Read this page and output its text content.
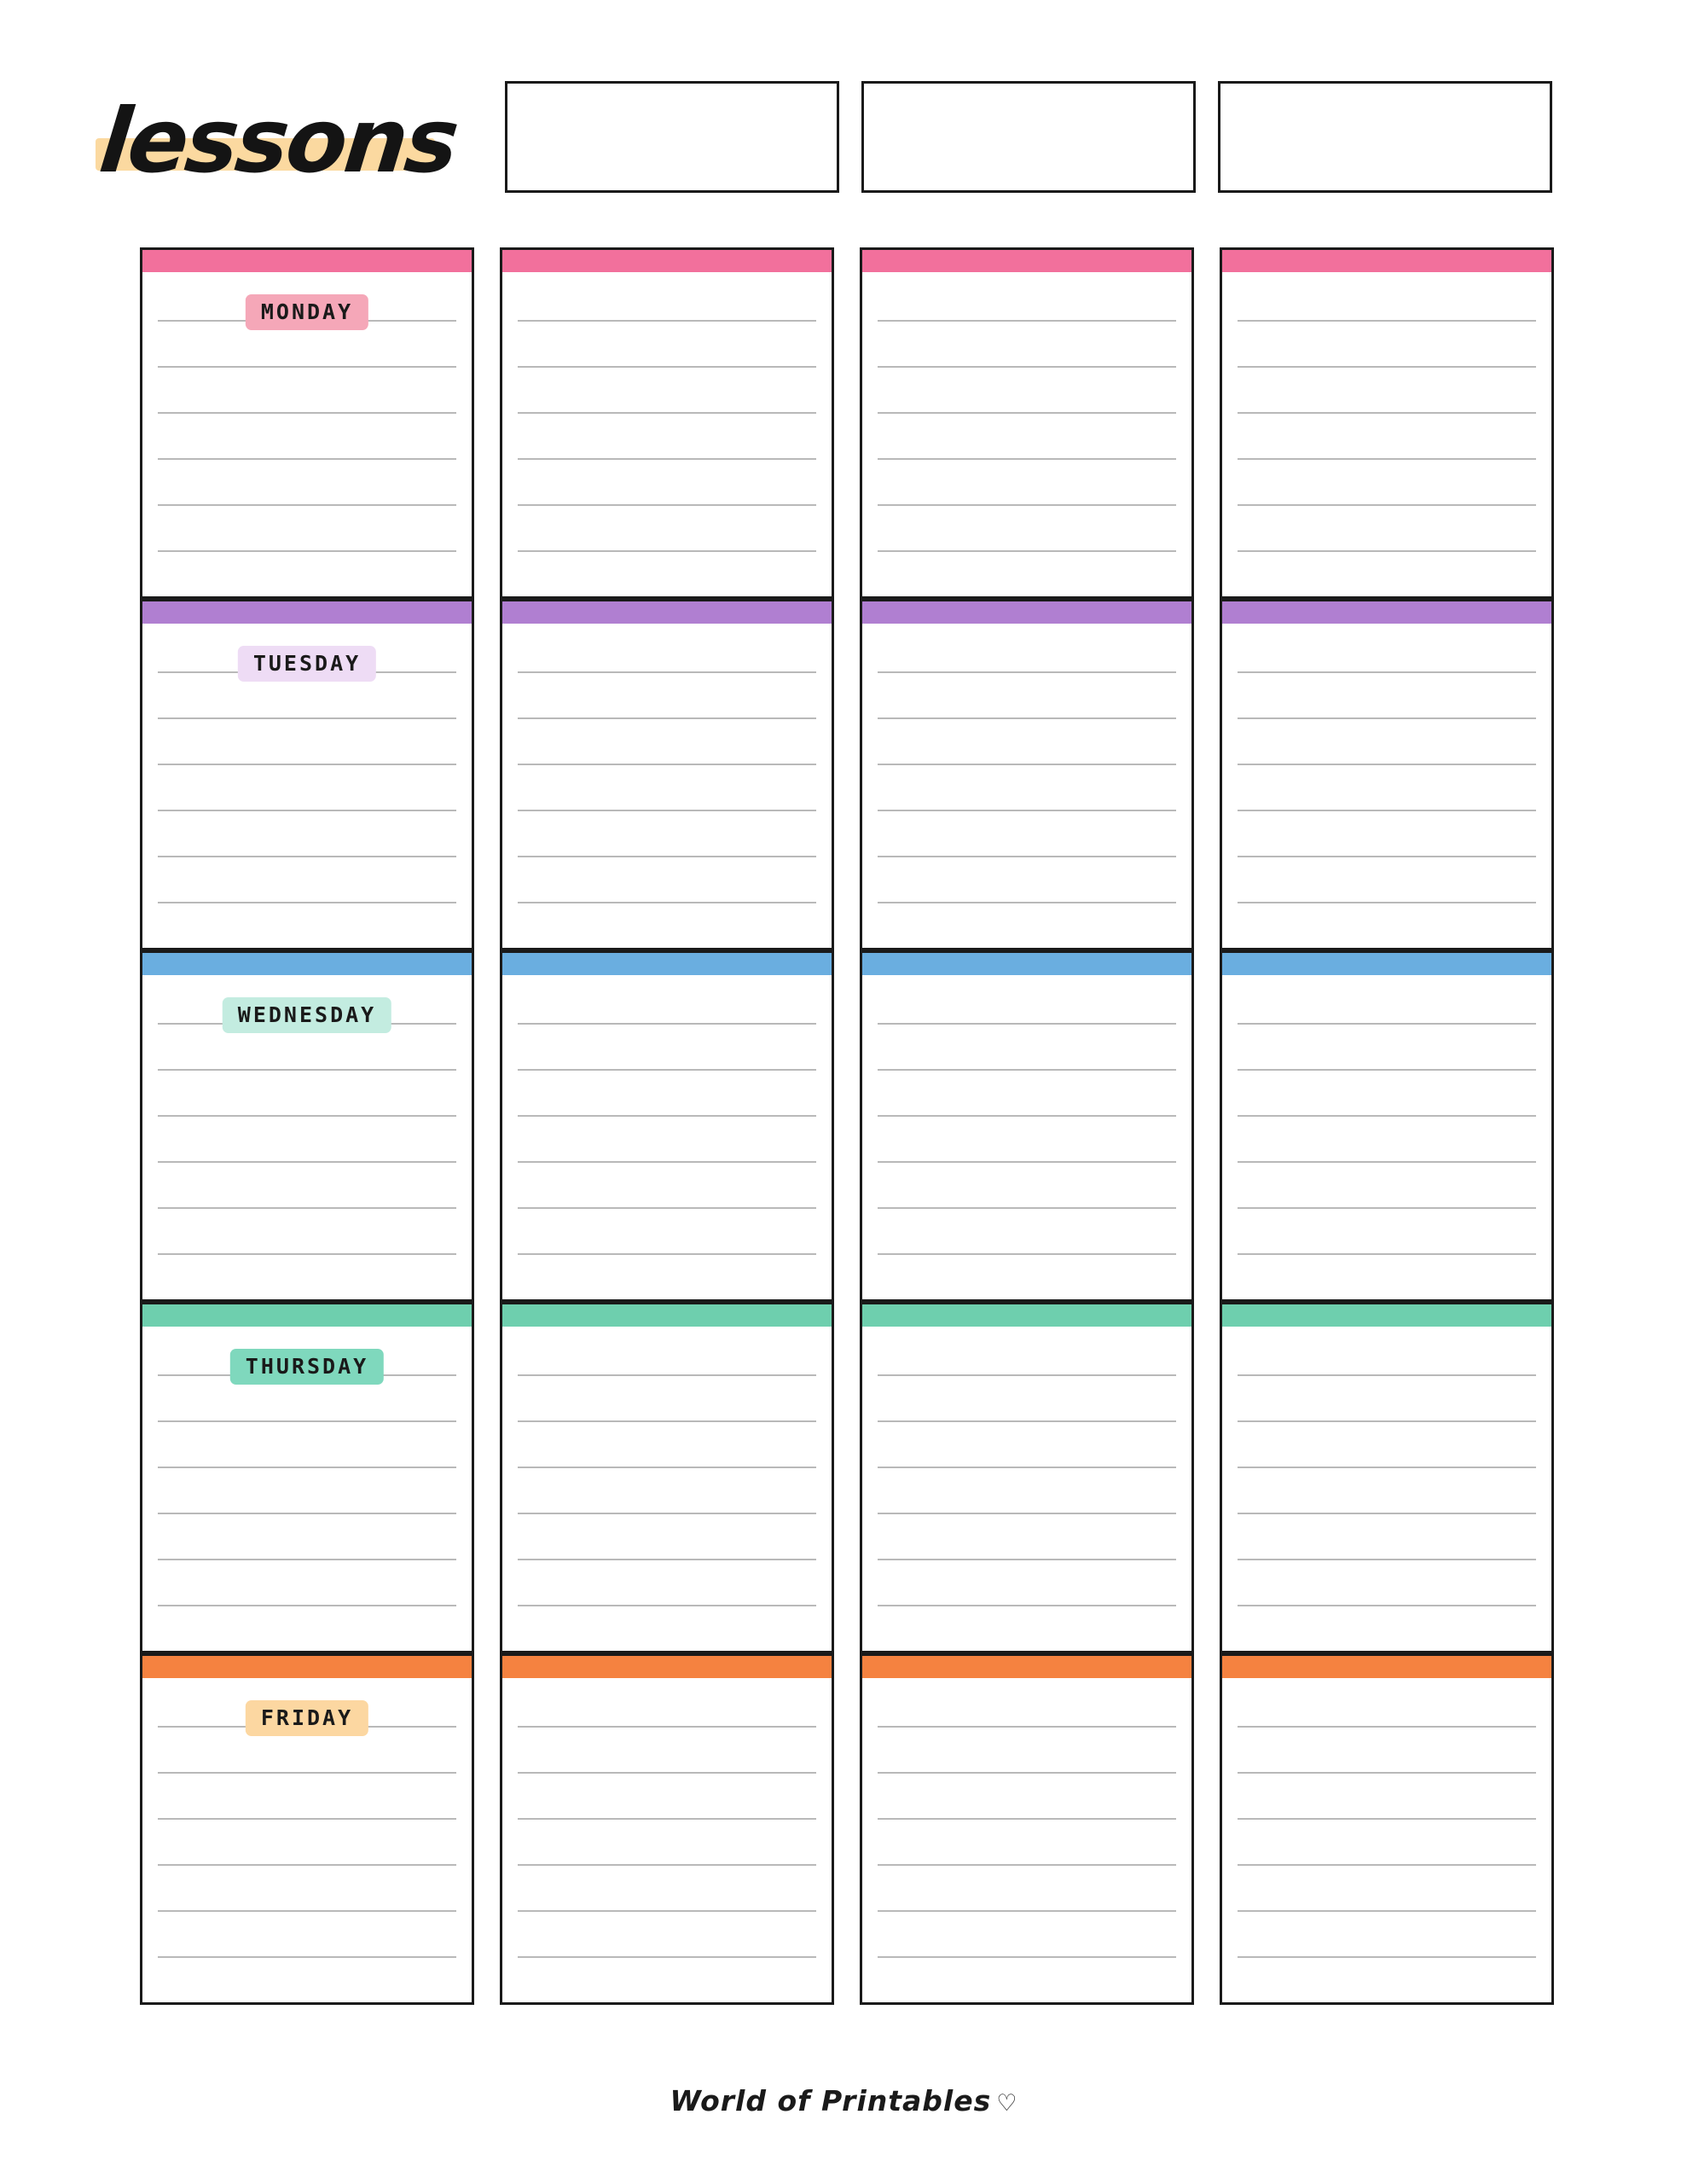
lessons
MONDAY
TUESDAY
WEDNESDAY
THURSDAY
FRIDAY
World of Printables ♡
